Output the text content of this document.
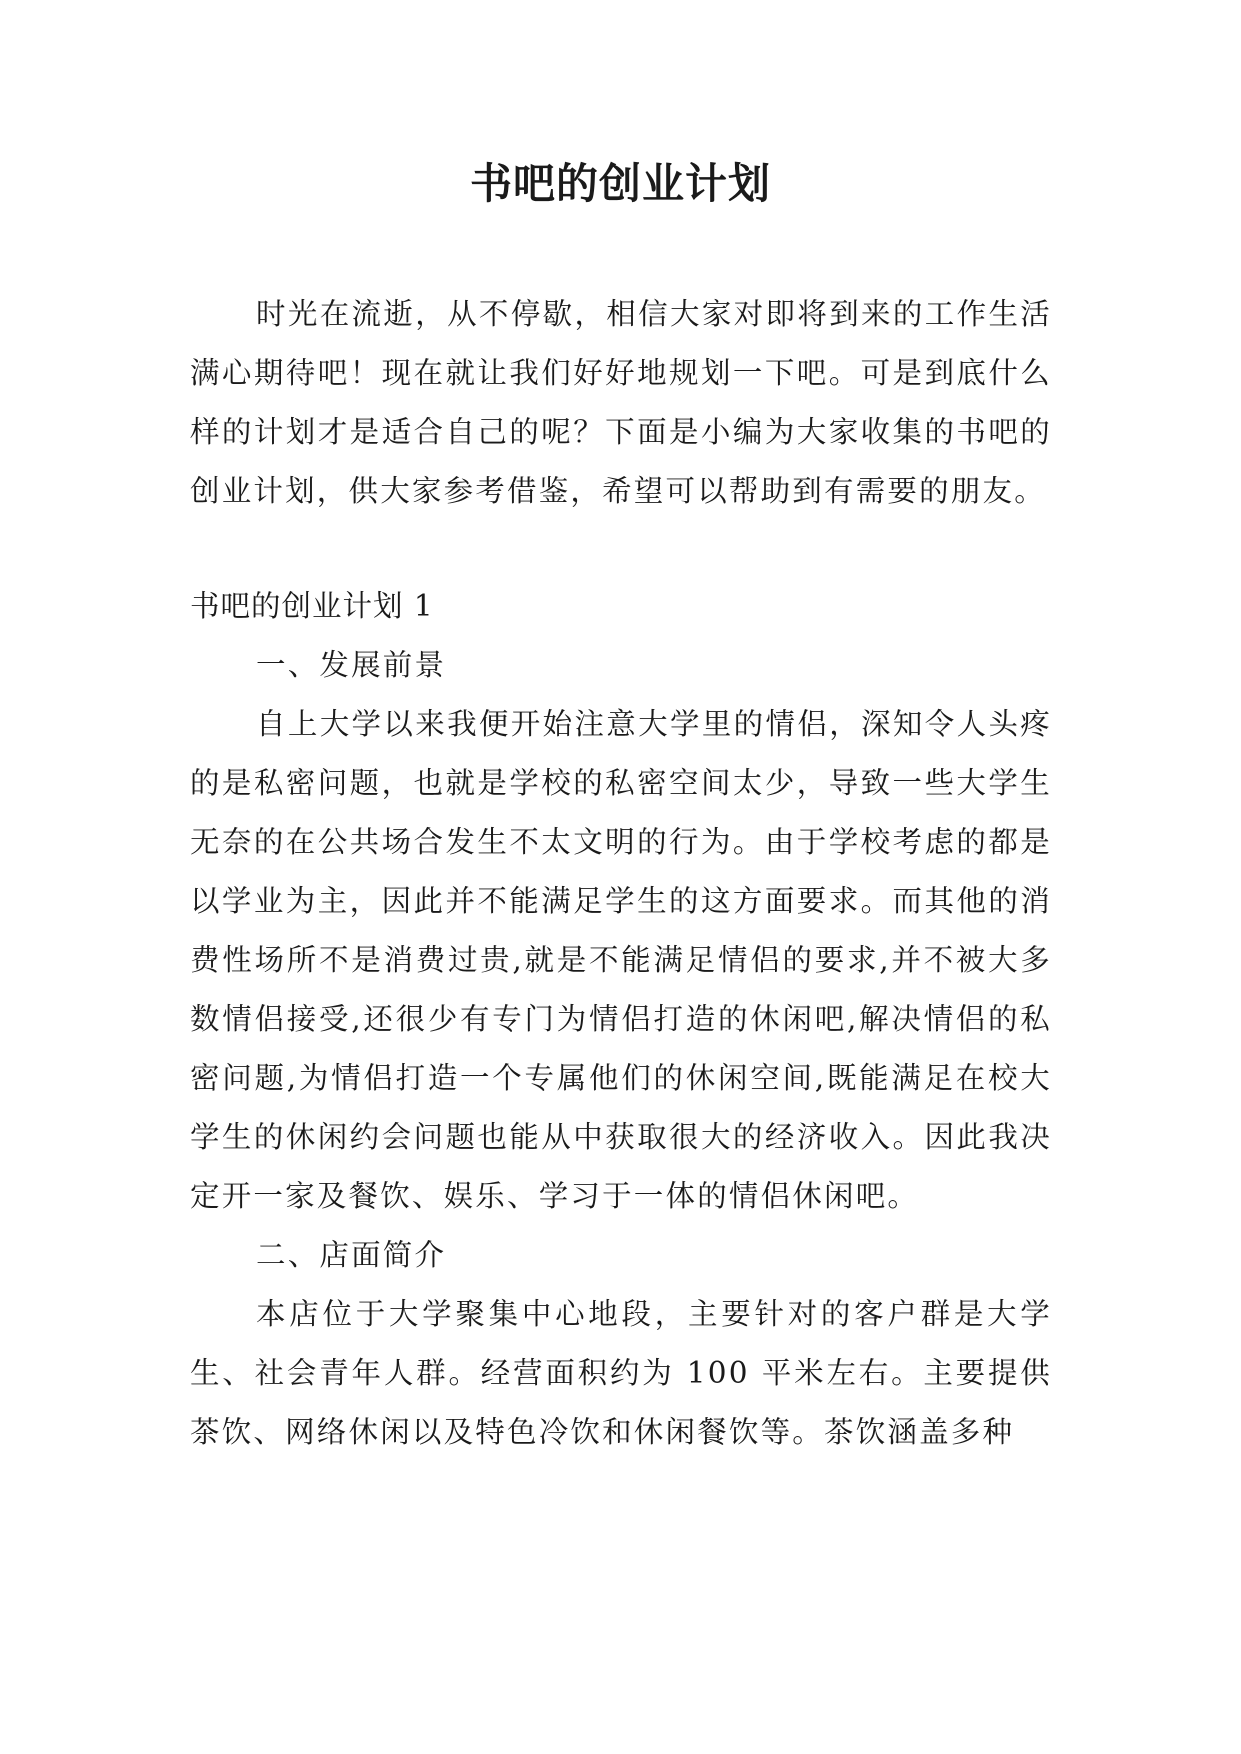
书吧的创业计划

时光在流逝，从不停歇，相信大家对即将到来的工作生活满心期待吧！现在就让我们好好地规划一下吧。可是到底什么样的计划才是适合自己的呢？下面是小编为大家收集的书吧的创业计划，供大家参考借鉴，希望可以帮助到有需要的朋友。

书吧的创业计划 1

一、发展前景

自上大学以来我便开始注意大学里的情侣，深知令人头疼的是私密问题，也就是学校的私密空间太少，导致一些大学生无奈的在公共场合发生不太文明的行为。由于学校考虑的都是以学业为主，因此并不能满足学生的这方面要求。而其他的消费性场所不是消费过贵,就是不能满足情侣的要求,并不被大多数情侣接受,还很少有专门为情侣打造的休闲吧,解决情侣的私密问题,为情侣打造一个专属他们的休闲空间,既能满足在校大学生的休闲约会问题也能从中获取很大的经济收入。因此我决定开一家及餐饮、娱乐、学习于一体的情侣休闲吧。

二、店面简介

本店位于大学聚集中心地段，主要针对的客户群是大学生、社会青年人群。经营面积约为 100 平米左右。主要提供茶饮、网络休闲以及特色冷饮和休闲餐饮等。茶饮涵盖多种
